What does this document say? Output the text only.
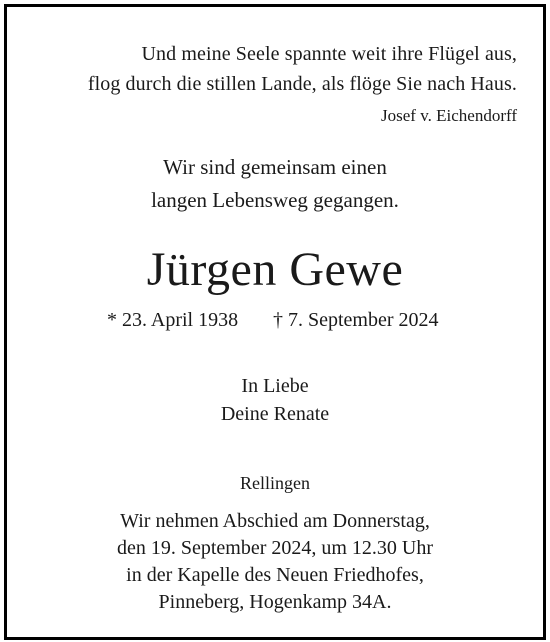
Und meine Seele spannte weit ihre Flügel aus,
flog durch die stillen Lande, als flöge Sie nach Haus.
Josef v. Eichendorff
Wir sind gemeinsam einen
langen Lebensweg gegangen.
Jürgen Gewe
* 23. April 1938 † 7. September 2024
In Liebe
Deine Renate
Rellingen
Wir nehmen Abschied am Donnerstag,
den 19. September 2024, um 12.30 Uhr
in der Kapelle des Neuen Friedhofes,
Pinneberg, Hogenkamp 34A.
